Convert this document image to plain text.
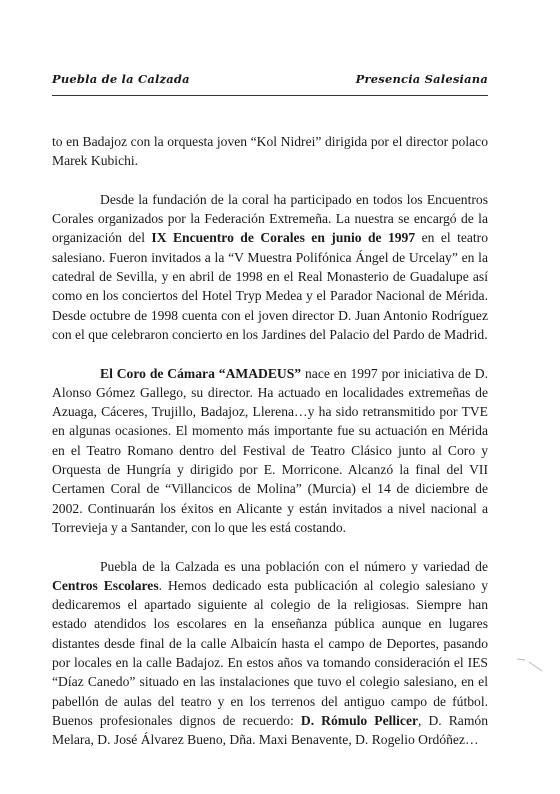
Puebla de la Calzada	Presencia Salesiana

to en Badajoz con la orquesta joven “Kol Nidrei” dirigida por el director polaco Marek Kubichi.

Desde la fundación de la coral ha participado en todos los Encuentros Corales organizados por la Federación Extremeña. La nuestra se encargó de la organización del IX Encuentro de Corales en junio de 1997 en el teatro salesiano. Fueron invitados a la “V Muestra Polifónica Ángel de Urcelay” en la catedral de Sevilla, y en abril de 1998 en el Real Monasterio de Guadalupe así como en los conciertos del Hotel Tryp Medea y el Parador Nacional de Mérida. Desde octubre de 1998 cuenta con el joven director D. Juan Antonio Rodríguez con el que celebraron concierto en los Jardines del Palacio del Pardo de Madrid.

El Coro de Cámara “AMADEUS” nace en 1997 por iniciativa de D. Alonso Gómez Gallego, su director. Ha actuado en localidades extremeñas de Azuaga, Cáceres, Trujillo, Badajoz, Llerena…y ha sido retransmitido por TVE en algunas ocasiones. El momento más importante fue su actuación en Mérida en el Teatro Romano dentro del Festival de Teatro Clásico junto al Coro y Orquesta de Hungría y dirigido por E. Morricone. Alcanzó la final del VII Certamen Coral de “Villancicos de Molina” (Murcia) el 14 de diciembre de 2002. Continuarán los éxitos en Alicante y están invitados a nivel nacional a Torrevieja y a Santander, con lo que les está costando.

Puebla de la Calzada es una población con el número y variedad de Centros Escolares. Hemos dedicado esta publicación al colegio salesiano y dedicaremos el apartado siguiente al colegio de la religiosas. Siempre han estado atendidos los escolares en la enseñanza pública aunque en lugares distantes desde final de la calle Albaicín hasta el campo de Deportes, pasando por locales en la calle Badajoz. En estos años va tomando consideración el IES “Díaz Canedo” situado en las instalaciones que tuvo el colegio salesiano, en el pabellón de aulas del teatro y en los terrenos del antiguo campo de fútbol. Buenos profesionales dignos de recuerdo: D. Rómulo Pellicer, D. Ramón Melara, D. José Álvarez Bueno, Dña. Maxi Benavente, D. Rogelio Ordóñez…
